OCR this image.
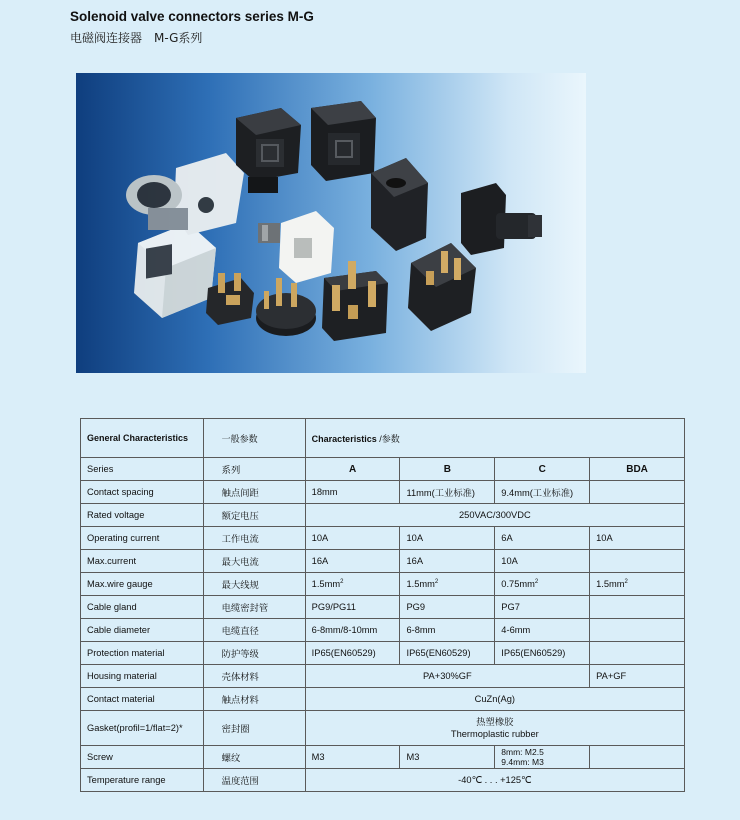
Solenoid valve connectors series M-G
电磁阀连接器　M-G系列
General Characteristics	一般参数	Characteristics /参数			
Series	系列	A	B	C	BDA
Contact spacing	触点间距	18mm	11mm(工业标准)	9.4mm(工业标准)	
Rated voltage	额定电压	250VAC/300VDC			
Operating current	工作电流	10A	10A	6A	10A
Max.current	最大电流	16A	16A	10A	
Max.wire gauge	最大线规	$1.5mm^2$	$1.5mm^2$	$0.75mm^2$	$1.5mm^2$
Cable gland	电缆密封管	PG9/PG11	PG9	PG7	
Cable diameter	电缆直径	6-8mm/8-10mm	6-8mm	4-6mm	
Protection material	防护等级	IP65(EN60529)	IP65(EN60529)	IP65(EN60529)	
Housing material	壳体材料	PA+30%GF			PA+GF
Contact material	触点材料	CuZn(Ag)			
Gasket(profil=1/flat=2)*	密封圈	热塑橡胶
Thermoplastic rubber			

Screw	螺纹	M3	M3	8mm: M2.5
9.4mm: M3	

Temperature range	温度范围	-40℃ . . . +125℃			
